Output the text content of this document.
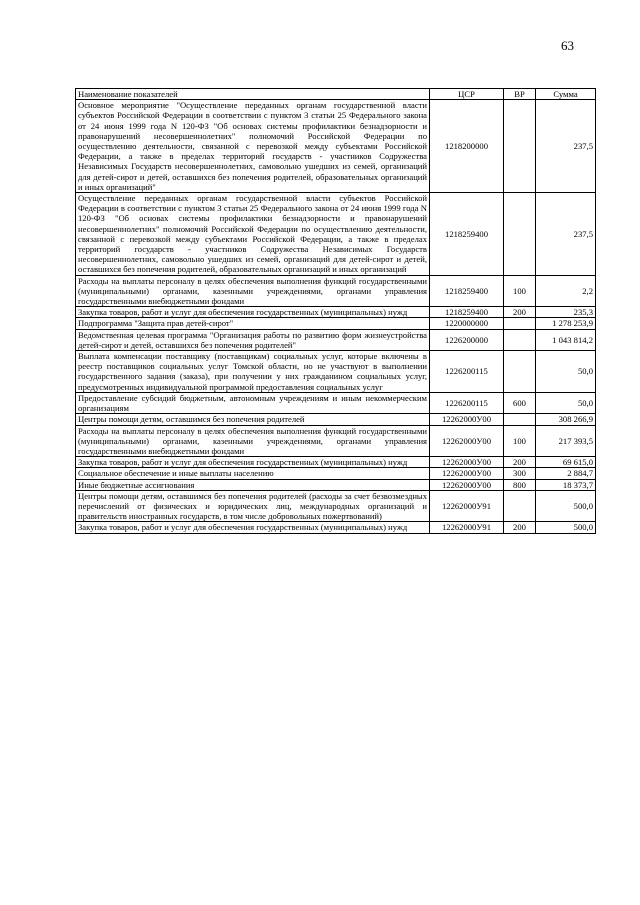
63
Наименование показателей	ЦСР	ВР	Сумма
Основное мероприятие "Осуществление переданных органам государственной власти субъектов Российской Федерации в соответствии с пунктом 3 статьи 25 Федерального закона от 24 июня 1999 года N 120-ФЗ "Об основах системы профилактики безнадзорности и правонарушений несовершеннолетних" полномочий Российской Федерации по осуществлению деятельности, связанной с перевозкой между субъектами Российской Федерации, а также в пределах территорий государств - участников Содружества Независимых Государств несовершеннолетних, самовольно ушедших из семей, организаций для детей-сирот и детей, оставшихся без попечения родителей, образовательных организаций и иных организаций"	1218200000		237,5
Осуществление переданных органам государственной власти субъектов Российской Федерации в соответствии с пунктом 3 статьи 25 Федерального закона от 24 июня 1999 года N 120-ФЗ "Об основах системы профилактики безнадзорности и правонарушений несовершеннолетних" полномочий Российской Федерации по осуществлению деятельности, связанной с перевозкой между субъектами Российской Федерации, а также в пределах территорий государств - участников Содружества Независимых Государств несовершеннолетних, самовольно ушедших из семей, организаций для детей-сирот и детей, оставшихся без попечения родителей, образовательных организаций и иных организаций	1218259400		237,5
Расходы на выплаты персоналу в целях обеспечения выполнения функций государственными (муниципальными) органами, казенными учреждениями, органами управления государственными внебюджетными фондами	1218259400	100	2,2
Закупка товаров, работ и услуг для обеспечения государственных (муниципальных) нужд	1218259400	200	235,3
Подпрограмма "Защита прав детей-сирот"	1220000000		1 278 253,9
Ведомственная целевая программа "Организация работы по развитию форм жизнеустройства детей-сирот и детей, оставшихся без попечения родителей"	1226200000		1 043 814,2
Выплата компенсации поставщику (поставщикам) социальных услуг, которые включены в реестр поставщиков социальных услуг Томской области, но не участвуют в выполнении государственного задания (заказа), при получении у них гражданином социальных услуг, предусмотренных индивидуальной программой предоставления социальных услуг	1226200115		50,0
Предоставление субсидий бюджетным, автономным учреждениям и иным некоммерческим организациям	1226200115	600	50,0
Центры помощи детям, оставшимся без попечения родителей	12262000У00		308 266,9
Расходы на выплаты персоналу в целях обеспечения выполнения функций государственными (муниципальными) органами, казенными учреждениями, органами управления государственными внебюджетными фондами	12262000У00	100	217 393,5
Закупка товаров, работ и услуг для обеспечения государственных (муниципальных) нужд	12262000У00	200	69 615,0
Социальное обеспечение и иные выплаты населению	12262000У00	300	2 884,7
Иные бюджетные ассигнования	12262000У00	800	18 373,7
Центры помощи детям, оставшимся без попечения родителей (расходы за счет безвозмездных перечислений от физических и юридических лиц, международных организаций и правительств иностранных государств, в том числе добровольных пожертвований)	12262000У91		500,0
Закупка товаров, работ и услуг для обеспечения государственных (муниципальных) нужд	12262000У91	200	500,0
